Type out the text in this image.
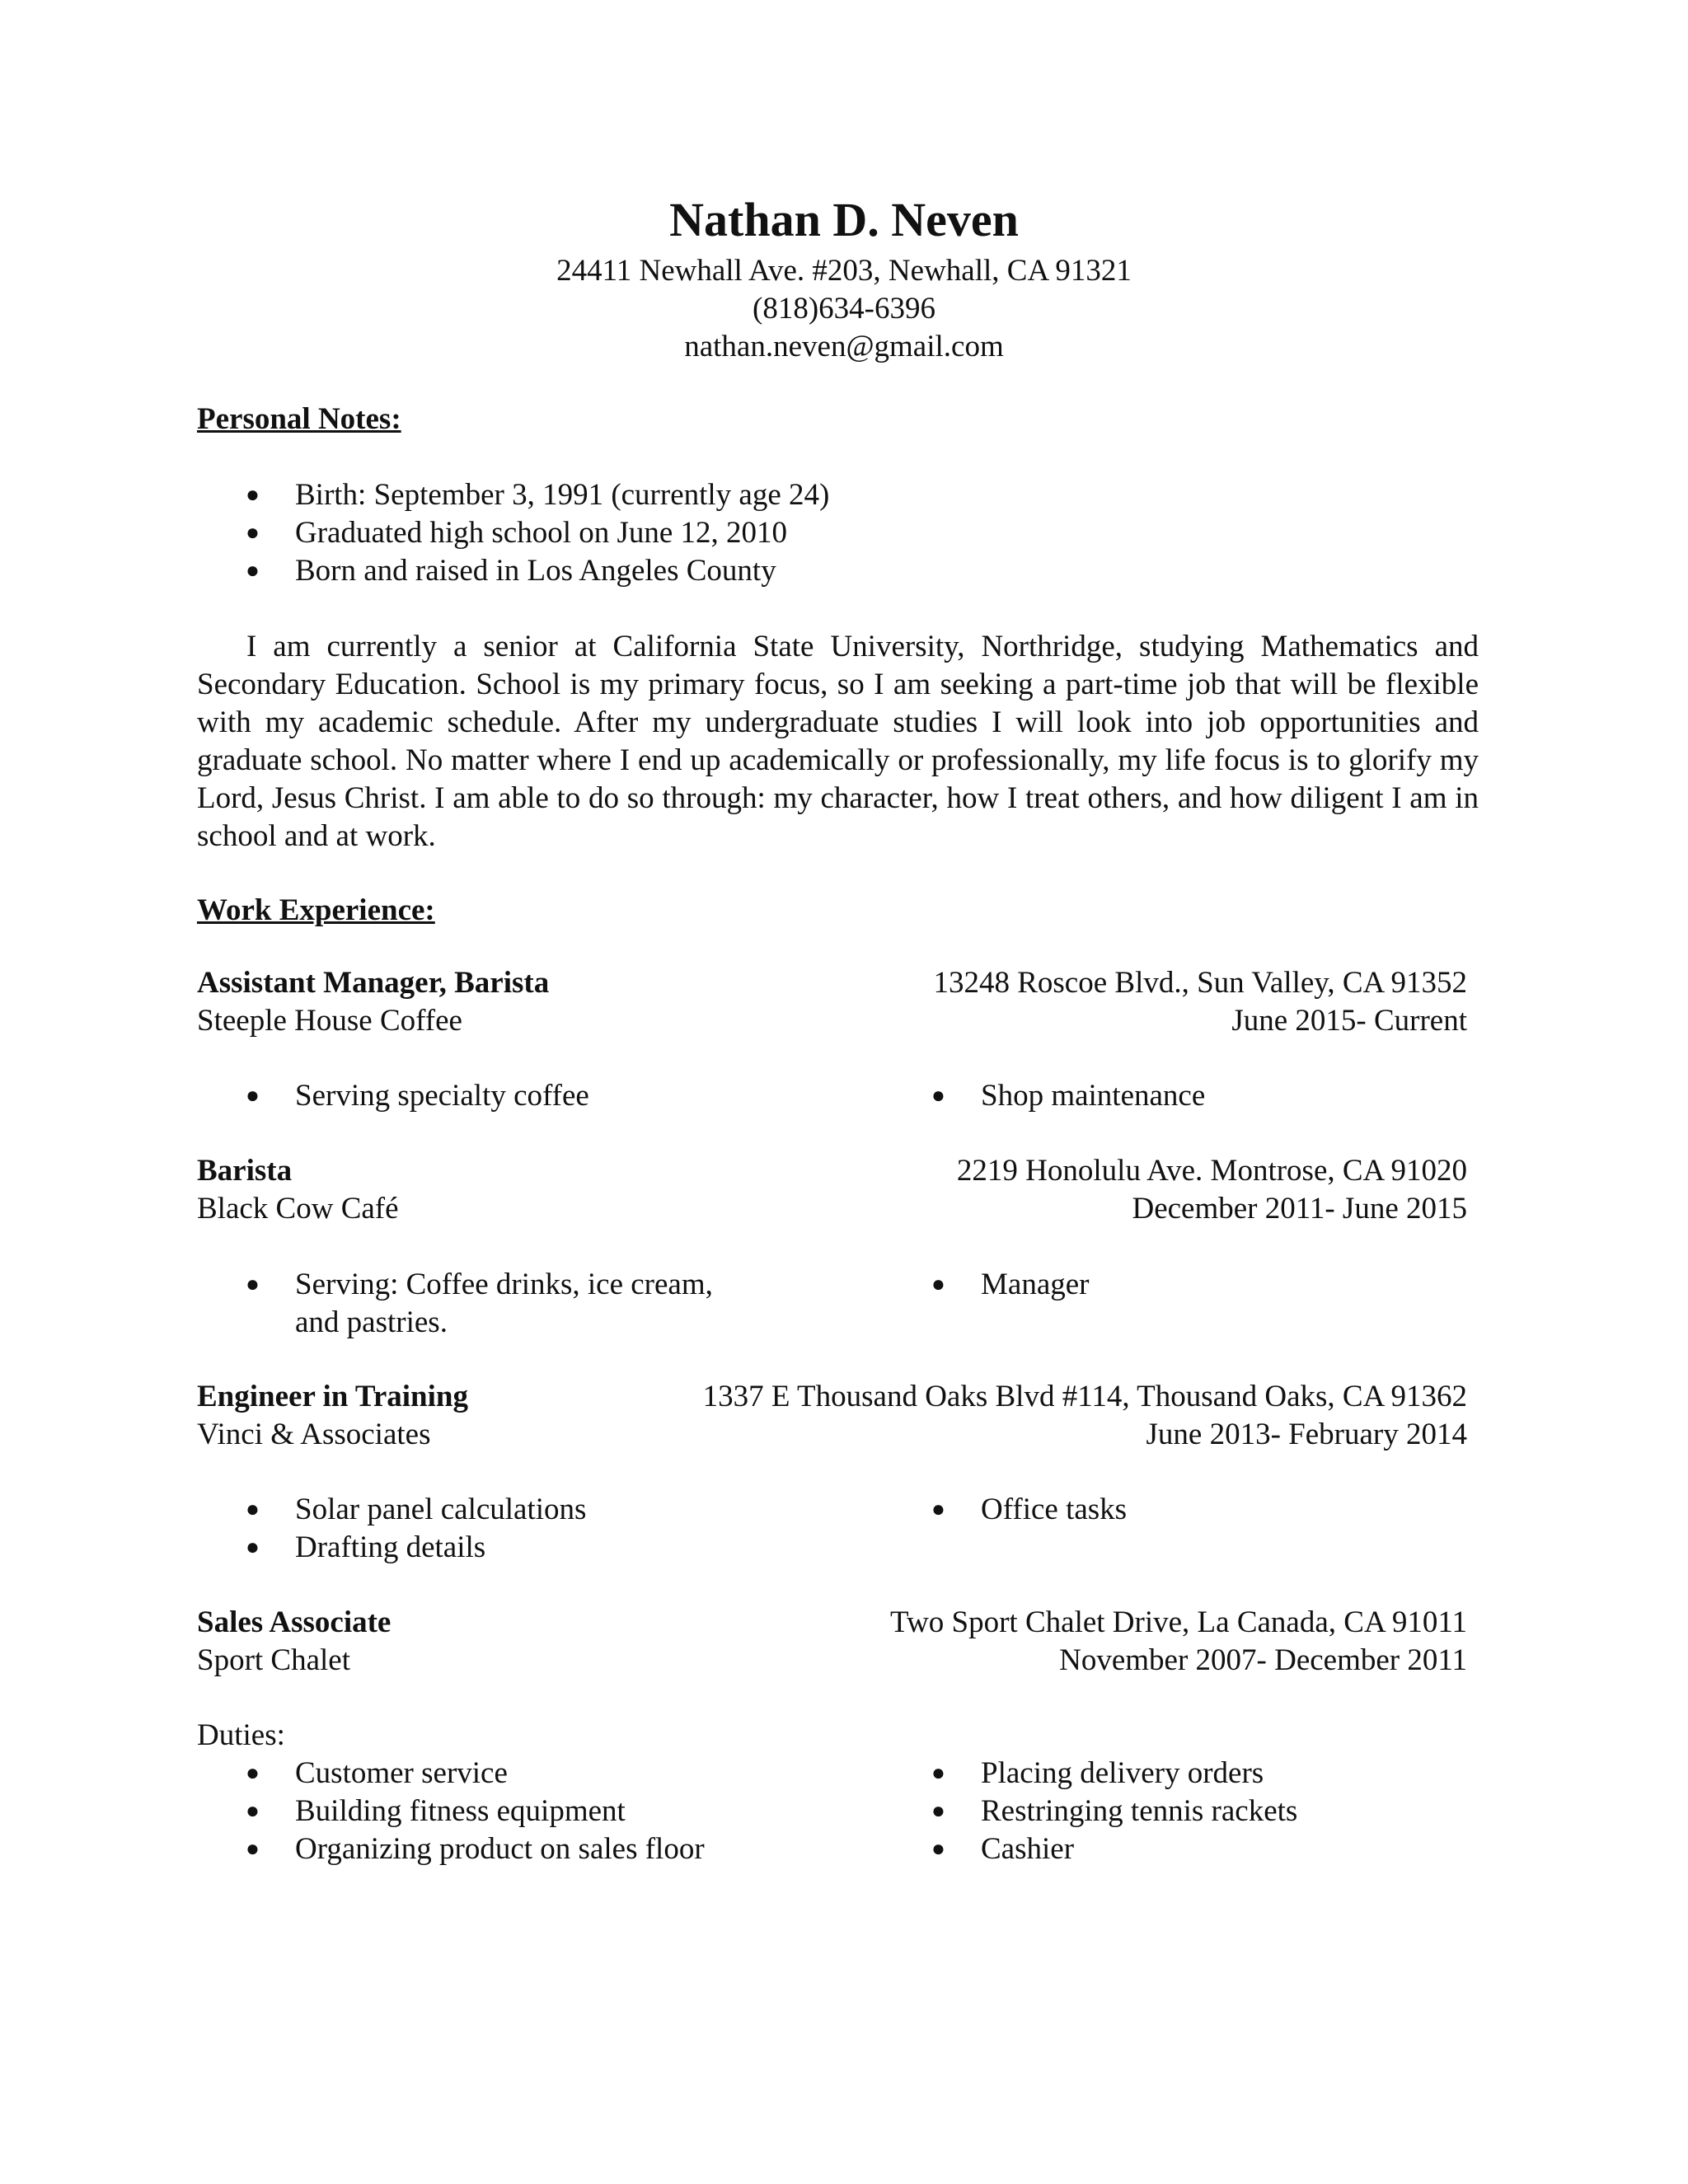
Nathan D. Neven
24411 Newhall Ave. #203, Newhall, CA 91321
(818)634-6396
nathan.neven@gmail.com
Personal Notes:
● Birth: September 3, 1991 (currently age 24)
● Graduated high school on June 12, 2010
● Born and raised in Los Angeles County

I am currently a senior at California State University, Northridge, studying Mathematics and Secondary Education. School is my primary focus, so I am seeking a part-time job that will be flexible with my academic schedule. After my undergraduate studies I will look into job opportunities and graduate school. No matter where I end up academically or professionally, my life focus is to glorify my Lord, Jesus Christ. I am able to do so through: my character, how I treat others, and how diligent I am in school and at work.

Work Experience:
Assistant Manager, Barista	13248 Roscoe Blvd., Sun Valley, CA 91352
Steeple House Coffee	June 2015- Current
● Serving specialty coffee
●	Shop maintenance
Barista	2219 Honolulu Ave. Montrose, CA 91020
Black Cow Café	December 2011- June 2015
● Serving: Coffee drinks, ice cream, and pastries.
● Manager
Engineer in Training	1337 E Thousand Oaks Blvd #114, Thousand Oaks, CA 91362
Vinci & Associates	June 2013- February 2014
● Solar panel calculations
● Drafting details
● Office tasks
Sales Associate	Two Sport Chalet Drive, La Canada, CA 91011
Sport Chalet	November 2007- December 2011
Duties:
● Customer service
● Building fitness equipment
● Organizing product on sales floor
● Placing delivery orders
● Restringing tennis rackets
● Cashier
